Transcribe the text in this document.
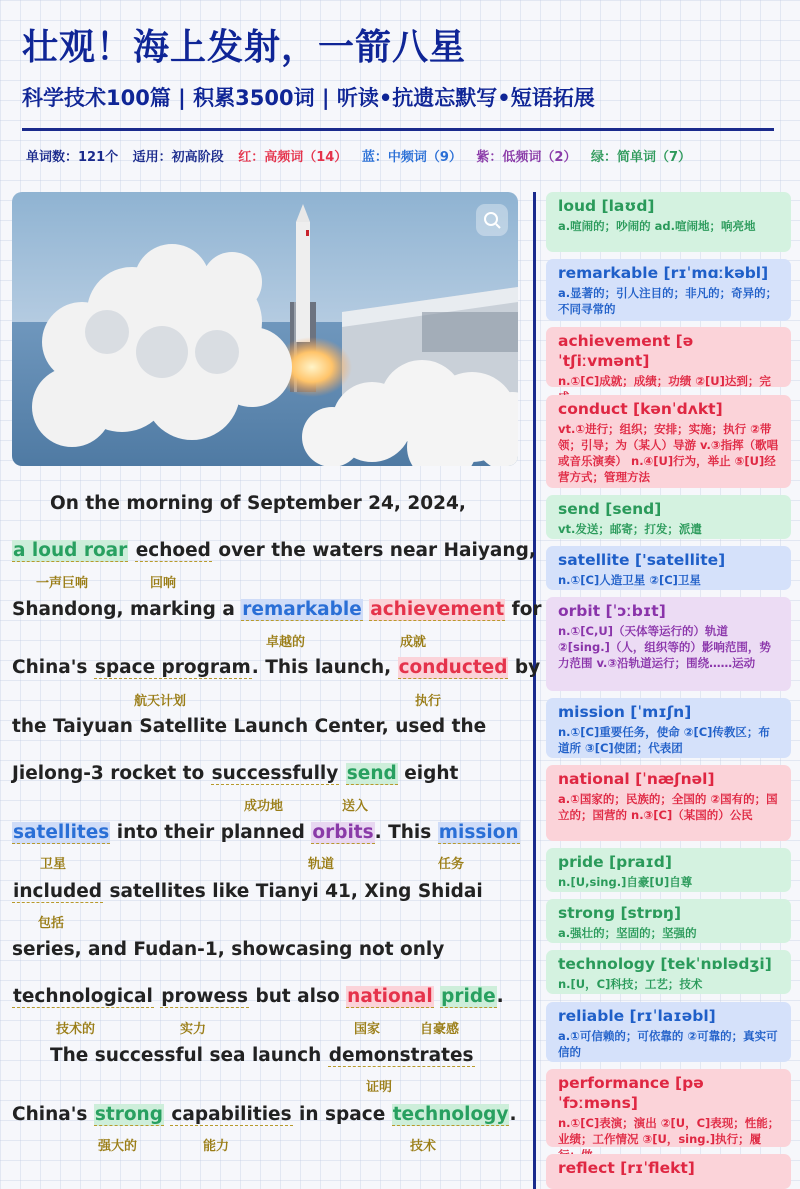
壮观！海上发射，一箭八星
科学技术100篇 | 积累3500词 | 听读•抗遗忘默写•短语拓展
单词数：121个 适用：初高阶段 红：高频词（14） 蓝：中频词（9） 紫：低频词（2） 绿：简单词（7）
On the morning of September 24, 2024,
a loud roar echoed over the waters near Haiyang,
一声巨响	回响
Shandong, marking a remarkable achievement for
卓越的	成就
China's space program. This launch, conducted by
航天计划	执行
the Taiyuan Satellite Launch Center, used the
Jielong-3 rocket to successfully send eight
成功地	送入
satellites into their planned orbits. This mission
卫星	轨道	任务
included satellites like Tianyi 41, Xing Shidai
包括
series, and Fudan-1, showcasing not only
technological prowess but also national pride.
技术的	实力	国家	自豪感
The successful sea launch demonstrates
证明
China's strong capabilities in space technology.
强大的	能力	技术
loud [laʊd]
a.喧闹的；吵闹的 ad.喧闹地；响亮地
remarkable [rɪˈmɑːkəbl]
a.显著的；引人注目的；非凡的；奇异的；不同寻常的
achievement [əˈtʃiːvmənt]
n.①[C]成就；成绩；功绩 ②[U]达到；完
conduct [kənˈdʌkt]
vt.①进行；组织；安排；实施；执行 ②带领；引导；为（某人）导游 v.③指挥（歌唱或音乐演奏） n.④[U]行为，举止 ⑤[U]经营方式；管理方法
send [send]
vt.发送；邮寄；打发；派遣
satellite ['satellite]
n.①[C]人造卫星 ②[C]卫星
orbit [ˈɔːbɪt]
n.①[C,U]（天体等运行的）轨道 ②[sing.]（人，组织等的）影响范围，势力范围 v.③沿轨道运行；围绕……运动
mission [ˈmɪʃn]
n.①[C]重要任务，使命 ②[C]传教区；布道所 ③[C]使团；代表团
national [ˈnæʃnəl]
a.①国家的；民族的；全国的 ②国有的；国立的；国营的 n.③[C]（某国的）公民
pride [praɪd]
n.[U,sing.]自豪[U]自尊
strong [strɒŋ]
a.强壮的；坚固的；坚强的
technology [tekˈnɒlədʒi]
n.[U，C]科技；工艺；技术
reliable [rɪˈlaɪəbl]
a.①可信赖的；可依靠的 ②可靠的；真实可信的
performance [pəˈfɔːməns]
n.①[C]表演；演出 ②[U，C]表现；性能；业绩；工作情况 ③[U，sing.]执行；履
reflect [rɪˈflekt]
